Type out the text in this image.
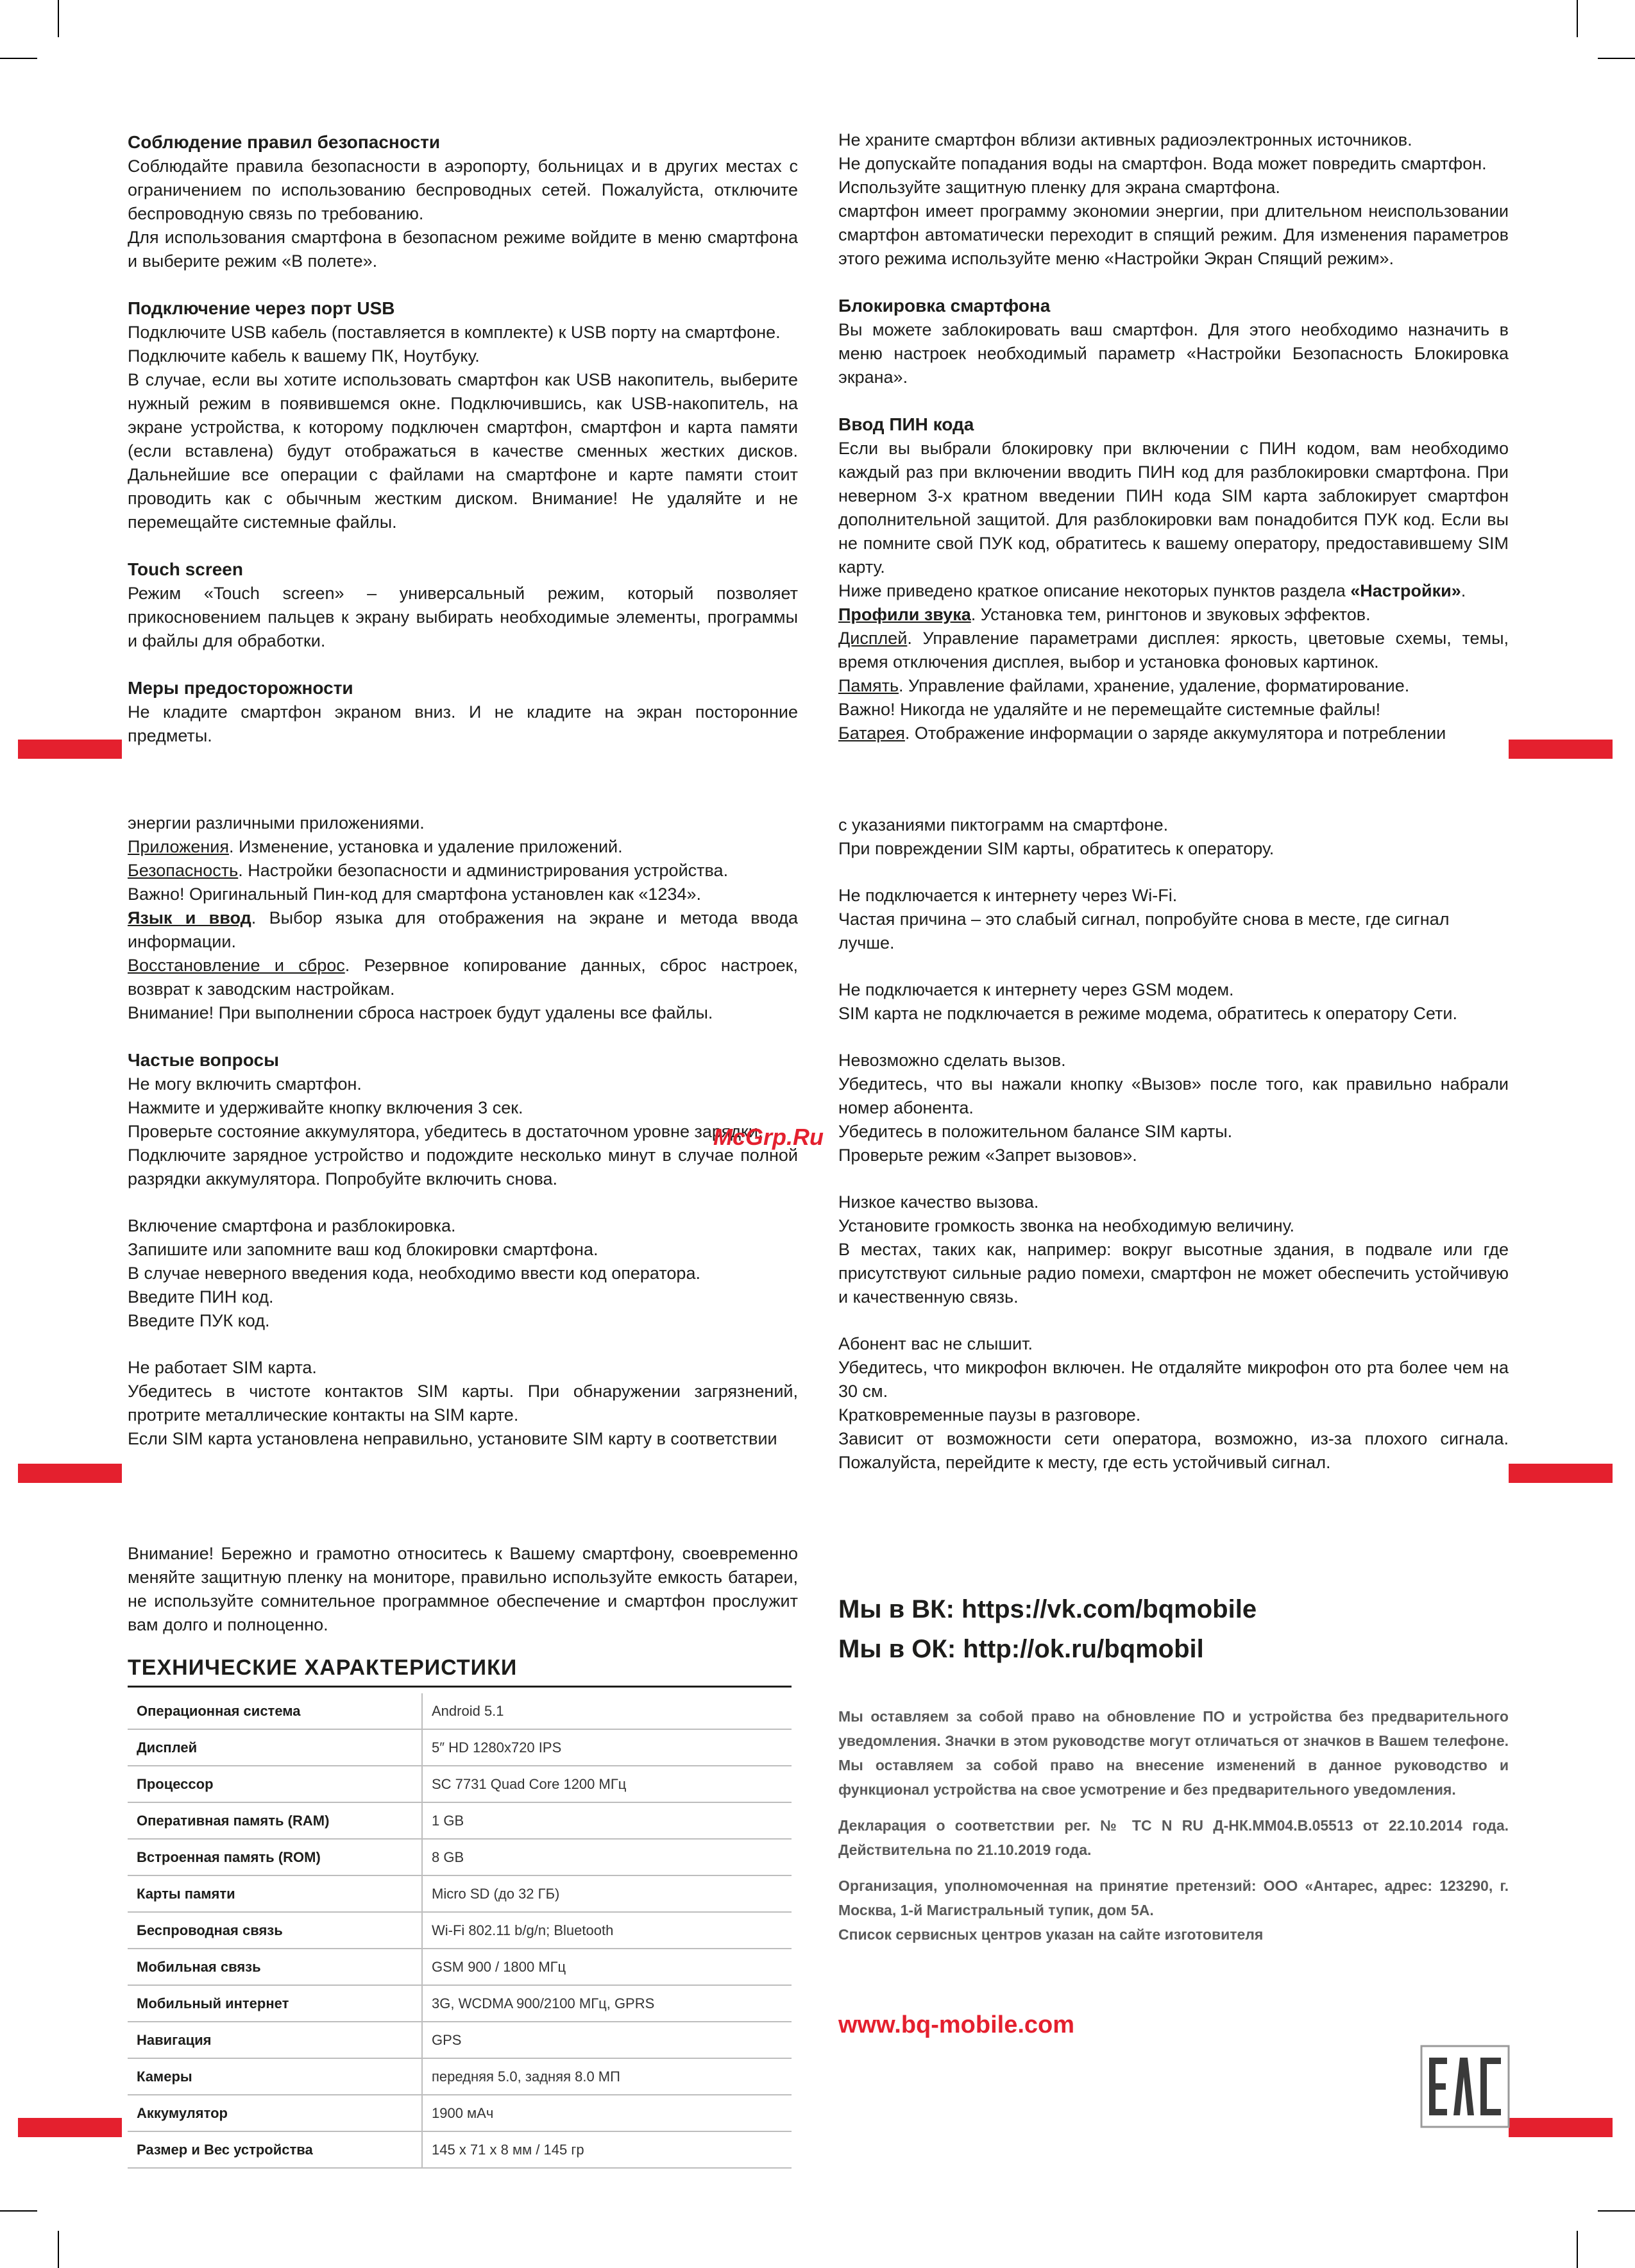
Соблюдение правил безопасности

Соблюдайте правила безопасности в аэропорту, больницах и в других местах с ограничением по использованию беспроводных сетей. Пожалуйста, отключите беспроводную связь по требованию.

Для использования смартфона в безопасном режиме войдите в меню смартфона и выберите режим «В полете».

Подключение через порт USB

Подключите USB кабель (поставляется в комплекте) к USB порту на смартфоне.

Подключите кабель к вашему ПК, Ноутбуку.

В случае, если вы хотите использовать смартфон как USB накопитель, выберите нужный режим в появившемся окне. Подключившись, как USB-накопитель, на экране устройства, к которому подключен смартфон, смартфон и карта памяти (если вставлена) будут отображаться в качестве сменных жестких дисков. Дальнейшие все операции с файлами на смартфоне и карте памяти стоит проводить как с обычным жестким диском. Внимание! Не удаляйте и не перемещайте системные файлы.

Touch screen

Режим «Touch screen» – универсальный режим, который позволяет прикосновением пальцев к экрану выбирать необходимые элементы, программы и файлы для обработки.

Меры предосторожности

Не кладите смартфон экраном вниз. И не кладите на экран посторонние предметы.

Не храните смартфон вблизи активных радиоэлектронных источников.

Не допускайте попадания воды на смартфон. Вода может повредить смартфон.

Используйте защитную пленку для экрана смартфона.

смартфон имеет программу экономии энергии, при длительном неиспользовании смартфон автоматически переходит в спящий режим. Для изменения параметров этого режима используйте меню «Настройки Экран Спящий режим».

Блокировка смартфона

Вы можете заблокировать ваш смартфон. Для этого необходимо назначить в меню настроек необходимый параметр «Настройки Безопасность Блокировка экрана».

Ввод ПИН кода

Если вы выбрали блокировку при включении с ПИН кодом, вам необходимо каждый раз при включении вводить ПИН код для разблокировки смартфона. При неверном 3-х кратном введении ПИН кода SIM карта заблокирует смартфон дополнительной защитой. Для разблокировки вам понадобится ПУК код. Если вы не помните свой ПУК код, обратитесь к вашему оператору, предоставившему SIM карту.

Ниже приведено краткое описание некоторых пунктов раздела «Настройки».

Профили звука. Установка тем, рингтонов и звуковых эффектов.

Дисплей. Управление параметрами дисплея: яркость, цветовые схемы, темы, время отключения дисплея, выбор и установка фоновых картинок.

Память. Управление файлами, хранение, удаление, форматирование.

Важно! Никогда не удаляйте и не перемещайте системные файлы!

Батарея. Отображение информации о заряде аккумулятора и потреблении

энергии различными приложениями.

Приложения. Изменение, установка и удаление приложений.

Безопасность. Настройки безопасности и администрирования устройства.

Важно! Оригинальный Пин-код для смартфона установлен как «1234».

Язык и ввод. Выбор языка для отображения на экране и метода ввода информации.

Восстановление и сброс. Резервное копирование данных, сброс настроек, возврат к заводским настройкам.

Внимание! При выполнении сброса настроек будут удалены все файлы.

Частые вопросы
Не могу включить смартфон.

Нажмите и удерживайте кнопку включения 3 сек.

Проверьте состояние аккумулятора, убедитесь в достаточном уровне зарядки.

Подключите зарядное устройство и подождите несколько минут в случае полной разрядки аккумулятора. Попробуйте включить снова.

Включение смартфона и разблокировка.

Запишите или запомните ваш код блокировки смартфона.

В случае неверного введения кода, необходимо ввести код оператора.

Введите ПИН код.

Введите ПУК код.

Не работает SIM карта.

Убедитесь в чистоте контактов SIM карты. При обнаружении загрязнений, протрите металлические контакты на SIM карте.

Если SIM карта установлена неправильно, установите SIM карту в соответствии

с указаниями пиктограмм на смартфоне.

При повреждении SIM карты, обратитесь к оператору.

Не подключается к интернету через Wi-Fi.

Частая причина – это слабый сигнал, попробуйте снова в месте, где сигнал лучше.

Не подключается к интернету через GSM модем.

SIM карта не подключается в режиме модема, обратитесь к оператору Сети.

Невозможно сделать вызов.

Убедитесь, что вы нажали кнопку «Вызов» после того, как правильно набрали номер абонента.

Убедитесь в положительном балансе SIM карты.

Проверьте режим «Запрет вызовов».

Низкое качество вызова.

Установите громкость звонка на необходимую величину.

В местах, таких как, например: вокруг высотные здания, в подвале или где присутствуют сильные радио помехи, смартфон не может обеспечить устойчивую и качественную связь.

Абонент вас не слышит.

Убедитесь, что микрофон включен. Не отдаляйте микрофон ото рта более чем на 30 см.

Кратковременные паузы в разговоре.

Зависит от возможности сети оператора, возможно, из-за плохого сигнала. Пожалуйста, перейдите к месту, где есть устойчивый сигнал.

McGrp.Ru

Внимание! Бережно и грамотно относитесь к Вашему смартфону, своевременно меняйте защитную пленку на мониторе, правильно используйте емкость батареи, не используйте сомнительное программное обеспечение и смартфон прослужит вам долго и полноценно.

ТЕХНИЧЕСКИЕ ХАРАКТЕРИСТИКИ
Операционная система	Android 5.1
Дисплей	5″ HD 1280х720 IPS
Процессор	SC 7731 Quad Core 1200 МГц
Оперативная память (RAM)	1 GB
Встроенная память (ROM)	8 GB
Карты памяти	Micro SD (до 32 ГБ)
Беспроводная связь	Wi-Fi 802.11 b/g/n; Bluetooth
Мобильная связь	GSM 900 / 1800 МГц
Мобильный интернет	3G, WCDMA 900/2100 МГц, GPRS
Навигация	GPS
Камеры	передняя 5.0, задняя 8.0 МП
Аккумулятор	1900 мАч
Размер и Вес устройства	145 x 71 x 8 мм / 145 гр
Мы в ВК: https://vk.com/bqmobile
Мы в ОК: http://ok.ru/bqmobil

Мы оставляем за собой право на обновление ПО и устройства без предварительного уведомления. Значки в этом руководстве могут отличаться от значков в Вашем телефоне. Мы оставляем за собой право на внесение изменений в данное руководство и функционал устройства на свое усмотрение и без предварительного уведомления.

Декларация о соответствии рег. № ТС N RU Д-НК.ММ04.В.05513 от 22.10.2014 года. Действительна по 21.10.2019 года.

Организация, уполномоченная на принятие претензий: ООО «Антарес, адрес: 123290, г. Москва, 1-й Магистральный тупик, дом 5А.

Список сервисных центров указан на сайте изготовителя

www.bq-mobile.com
